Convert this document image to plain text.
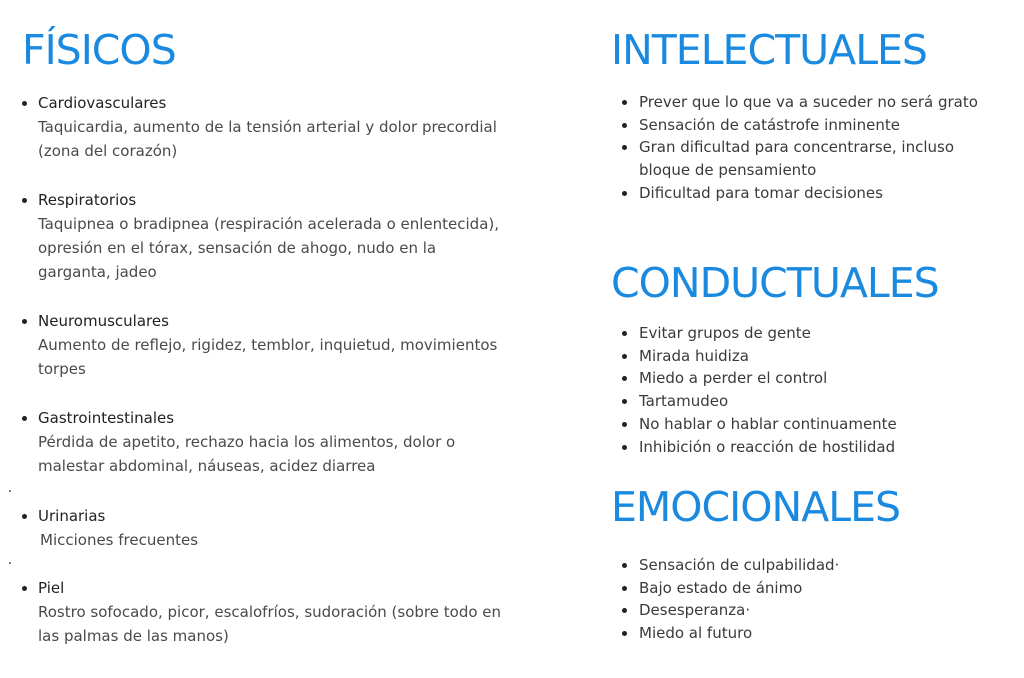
FÍSICOS
Cardiovasculares
Taquicardia, aumento de la tensión arterial y dolor precordial (zona del corazón)
Respiratorios
Taquipnea o bradipnea (respiración acelerada o enlentecida), opresión en el tórax, sensación de ahogo, nudo en la garganta, jadeo
Neuromusculares
Aumento de reflejo, rigidez, temblor, inquietud, movimientos torpes
Gastrointestinales
Pérdida de apetito, rechazo hacia los alimentos, dolor o malestar abdominal, náuseas, acidez diarrea
Urinarias
Micciones frecuentes
Piel
Rostro sofocado, picor, escalofríos, sudoración (sobre todo en las palmas de las manos)
INTELECTUALES
Prever que lo que va a suceder no será grato
Sensación de catástrofe inminente
Gran dificultad para concentrarse, incluso bloque de pensamiento
Dificultad para tomar decisiones
CONDUCTUALES
Evitar grupos de gente
Mirada huidiza
Miedo a perder el control
Tartamudeo
No hablar o hablar continuamente
Inhibición o reacción de hostilidad
EMOCIONALES
Sensación de culpabilidad·
Bajo estado de ánimo
Desesperanza·
Miedo al futuro
